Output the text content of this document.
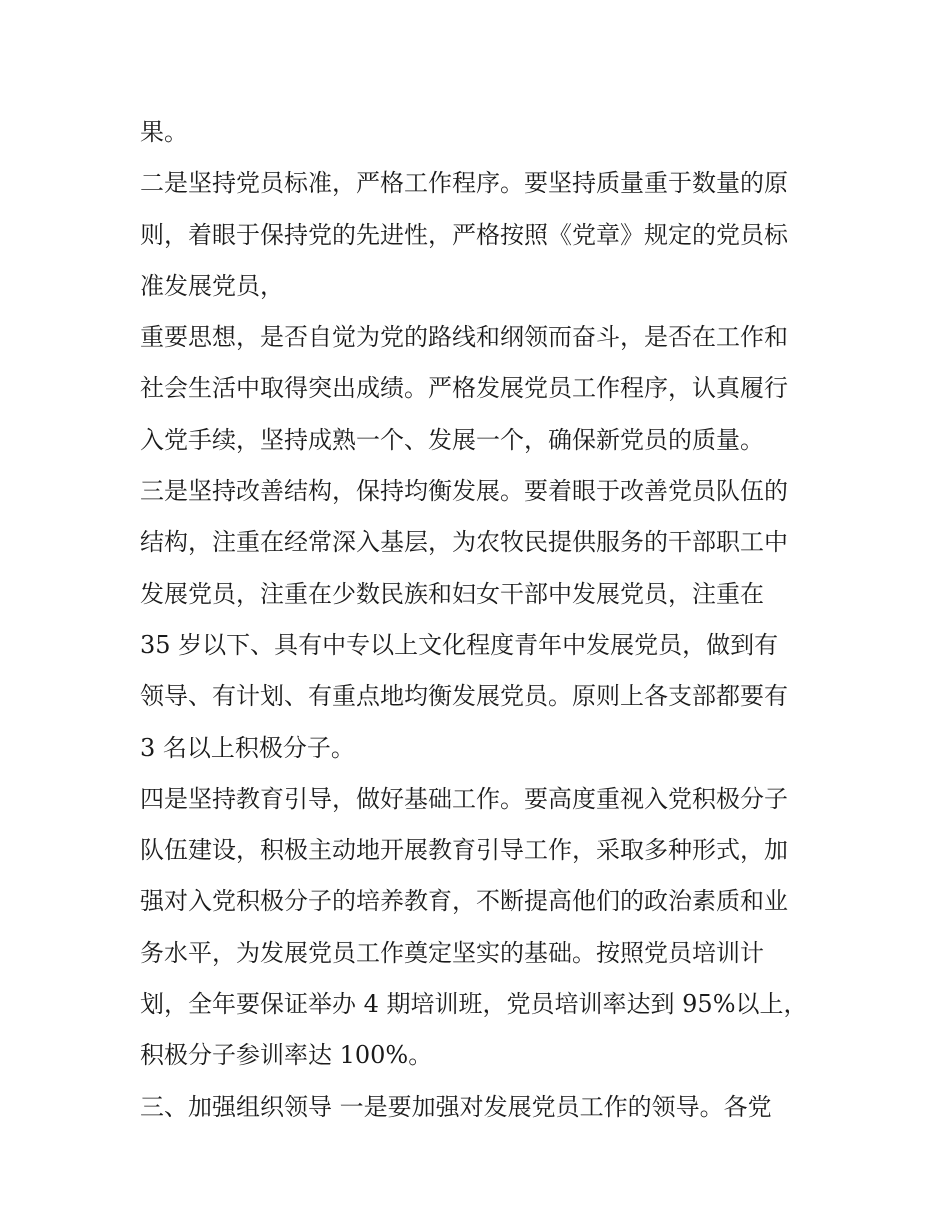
果。
二是坚持党员标准，严格工作程序。要坚持质量重于数量的原
则，着眼于保持党的先进性，严格按照《党章》规定的党员标
准发展党员，
重要思想，是否自觉为党的路线和纲领而奋斗，是否在工作和
社会生活中取得突出成绩。严格发展党员工作程序，认真履行
入党手续，坚持成熟一个、发展一个，确保新党员的质量。
三是坚持改善结构，保持均衡发展。要着眼于改善党员队伍的
结构，注重在经常深入基层，为农牧民提供服务的干部职工中
发展党员，注重在少数民族和妇女干部中发展党员，注重在
35 岁以下、具有中专以上文化程度青年中发展党员，做到有
领导、有计划、有重点地均衡发展党员。原则上各支部都要有
3 名以上积极分子。
四是坚持教育引导，做好基础工作。要高度重视入党积极分子
队伍建设，积极主动地开展教育引导工作，采取多种形式，加
强对入党积极分子的培养教育，不断提高他们的政治素质和业
务水平，为发展党员工作奠定坚实的基础。按照党员培训计
划，全年要保证举办 4 期培训班，党员培训率达到 95%以上，
积极分子参训率达 100%。
三、加强组织领导 一是要加强对发展党员工作的领导。各党
